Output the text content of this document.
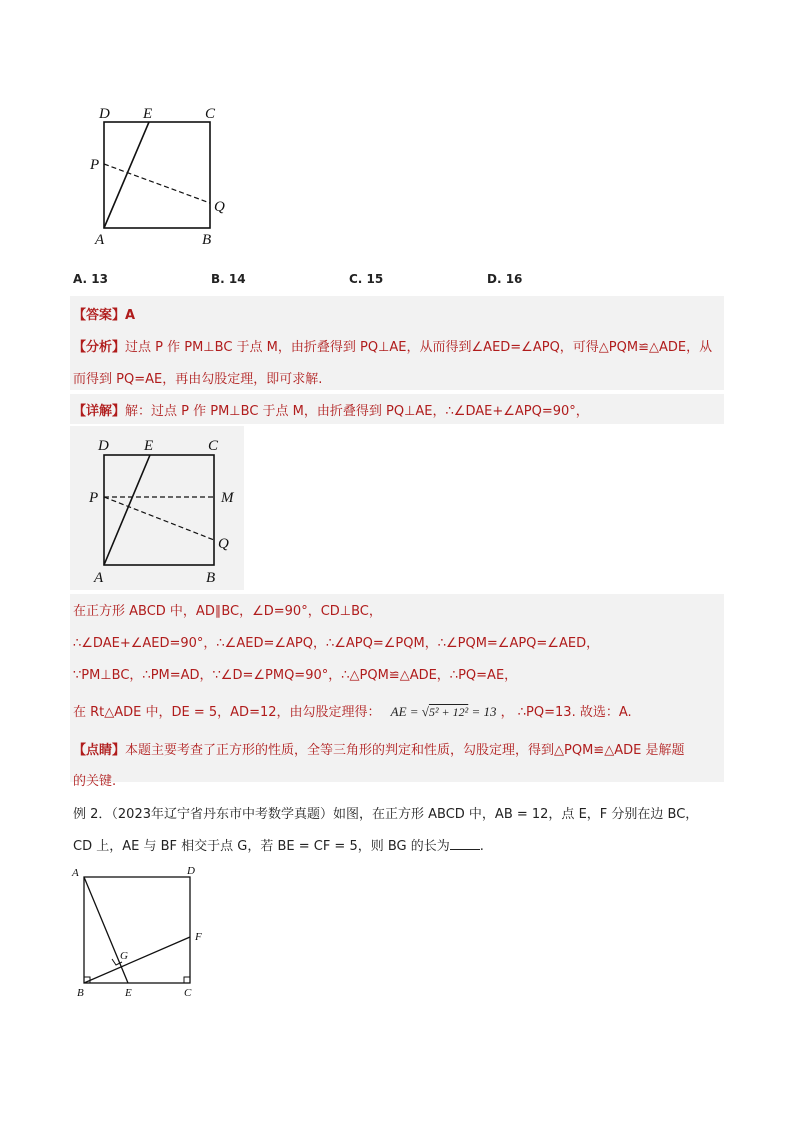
D E	C
P
Q
A	B
A. 13	B. 14	C. 15	D. 16
【答案】A
【分析】过点 P 作 PM⊥BC 于点 M，由折叠得到 PQ⊥AE，从而得到∠AED=∠APQ，可得△PQM≌△ADE，从
而得到 PQ=AE，再由勾股定理，即可求解.
【详解】解：过点 P 作 PM⊥BC 于点 M，由折叠得到 PQ⊥AE，∴∠DAE+∠APQ=90°，
D E	C
P	M
Q
A	B
在正方形 ABCD 中，AD∥BC，∠D=90°，CD⊥BC，
∴∠DAE+∠AED=90°，∴∠AED=∠APQ，∴∠APQ=∠PQM，∴∠PQM=∠APQ=∠AED，
∵PM⊥BC，∴PM=AD，∵∠D=∠PMQ=90°，∴△PQM≌△ADE，∴PQ=AE，
在 Rt△ADE 中，DE = 5，AD=12，由勾股定理得： AE = √5² + 12² = 13 ， ∴PQ=13. 故选：A.
【点睛】本题主要考查了正方形的性质，全等三角形的判定和性质，勾股定理，得到△PQM≌△ADE 是解题
的关键.
例 2．（2023年辽宁省丹东市中考数学真题）如图，在正方形 ABCD 中，AB = 12，点 E，F 分别在边 BC，
CD 上，AE 与 BF 相交于点 G，若 BE = CF = 5，则 BG 的长为 .
A	D
F
G
B	E	C
